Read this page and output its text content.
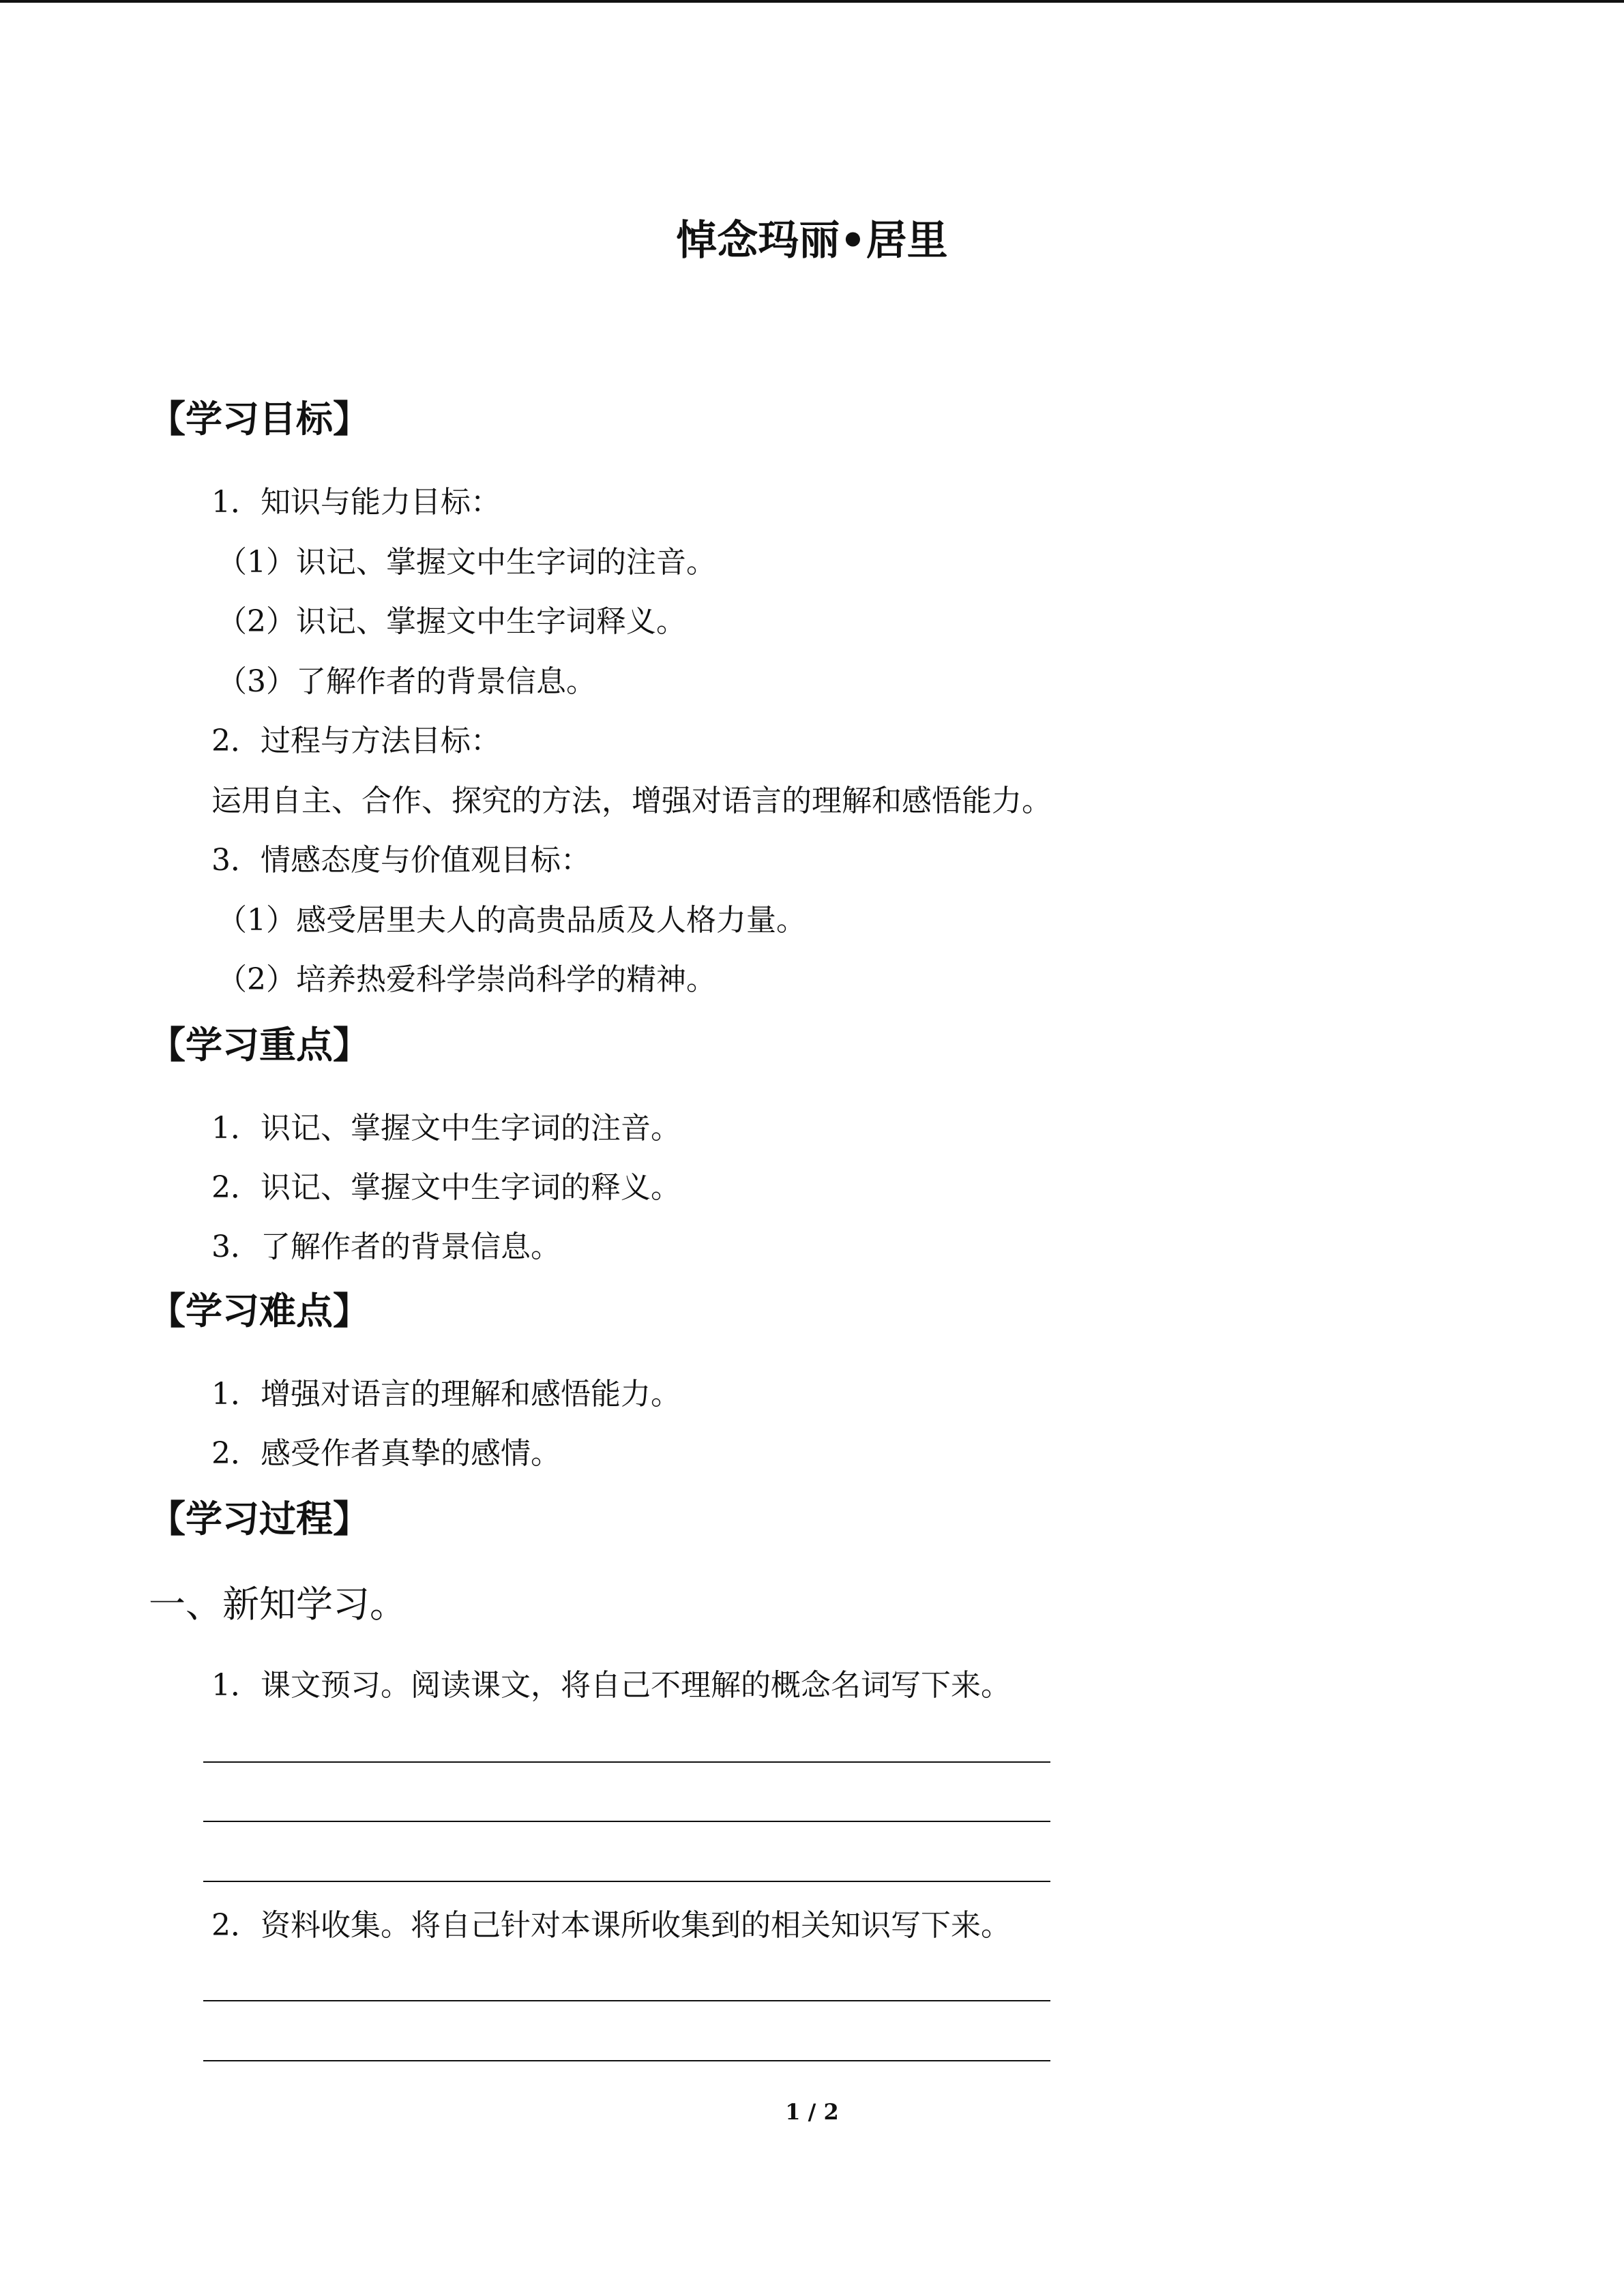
悼念玛丽•居里
【学习目标】
1．知识与能力目标：
（1）识记、掌握文中生字词的注音。
（2）识记、掌握文中生字词释义。
（3）了解作者的背景信息。
2．过程与方法目标：
运用自主、合作、探究的方法，增强对语言的理解和感悟能力。
3．情感态度与价值观目标：
（1）感受居里夫人的高贵品质及人格力量。
（2）培养热爱科学崇尚科学的精神。
【学习重点】
1．识记、掌握文中生字词的注音。
2．识记、掌握文中生字词的释义。
3．了解作者的背景信息。
【学习难点】
1．增强对语言的理解和感悟能力。
2．感受作者真挚的感情。
【学习过程】
一、新知学习。
1．课文预习。阅读课文，将自己不理解的概念名词写下来。
2．资料收集。将自己针对本课所收集到的相关知识写下来。
1 / 2
